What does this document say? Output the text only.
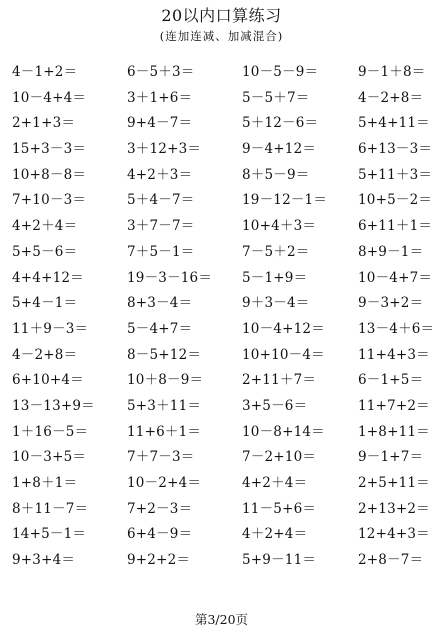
20以内口算练习
(连加连减、加减混合)
4－1+2＝	6－5＋3＝	10－5－9＝	9－1＋8＝
10－4+4＝	3＋1+6＝	5－5＋7＝	4－2+8＝
2+1+3＝	9+4－7＝	5＋12－6＝	5+4+11＝
15+3－3＝	3＋12+3＝	9－4+12＝	6+13－3＝
10+8－8＝	4+2＋3＝	8＋5－9＝	5+11＋3＝
7+10－3＝	5＋4－7＝	19－12－1＝	10+5－2＝
4+2＋4＝	3＋7－7＝	10+4＋3＝	6+11＋1＝
5+5－6＝	7＋5－1＝	7－5＋2＝	8+9－1＝
4+4+12＝	19－3－16＝	5－1+9＝	10－4+7＝
5+4－1＝	8+3－4＝	9＋3－4＝	9－3+2＝
11＋9－3＝	5－4+7＝	10－4+12＝	13－4＋6＝
4－2+8＝	8－5+12＝	10+10－4＝	11+4+3＝
6+10+4＝	10＋8－9＝	2+11＋7＝	6－1+5＝
13－13+9＝	5+3＋11＝	3+5－6＝	11+7+2＝
1＋16－5＝	11+6＋1＝	10－8+14＝	1+8+11＝
10－3+5＝	7＋7－3＝	7－2+10＝	9－1+7＝
1+8＋1＝	10－2+4＝	4+2＋4＝	2+5+11＝
8＋11－7＝	7+2－3＝	11－5+6＝	2+13+2＝
14+5－1＝	6+4－9＝	4＋2+4＝	12+4+3＝
9+3+4＝	9+2+2＝	5+9－11＝	2+8－7＝
第3/20页
